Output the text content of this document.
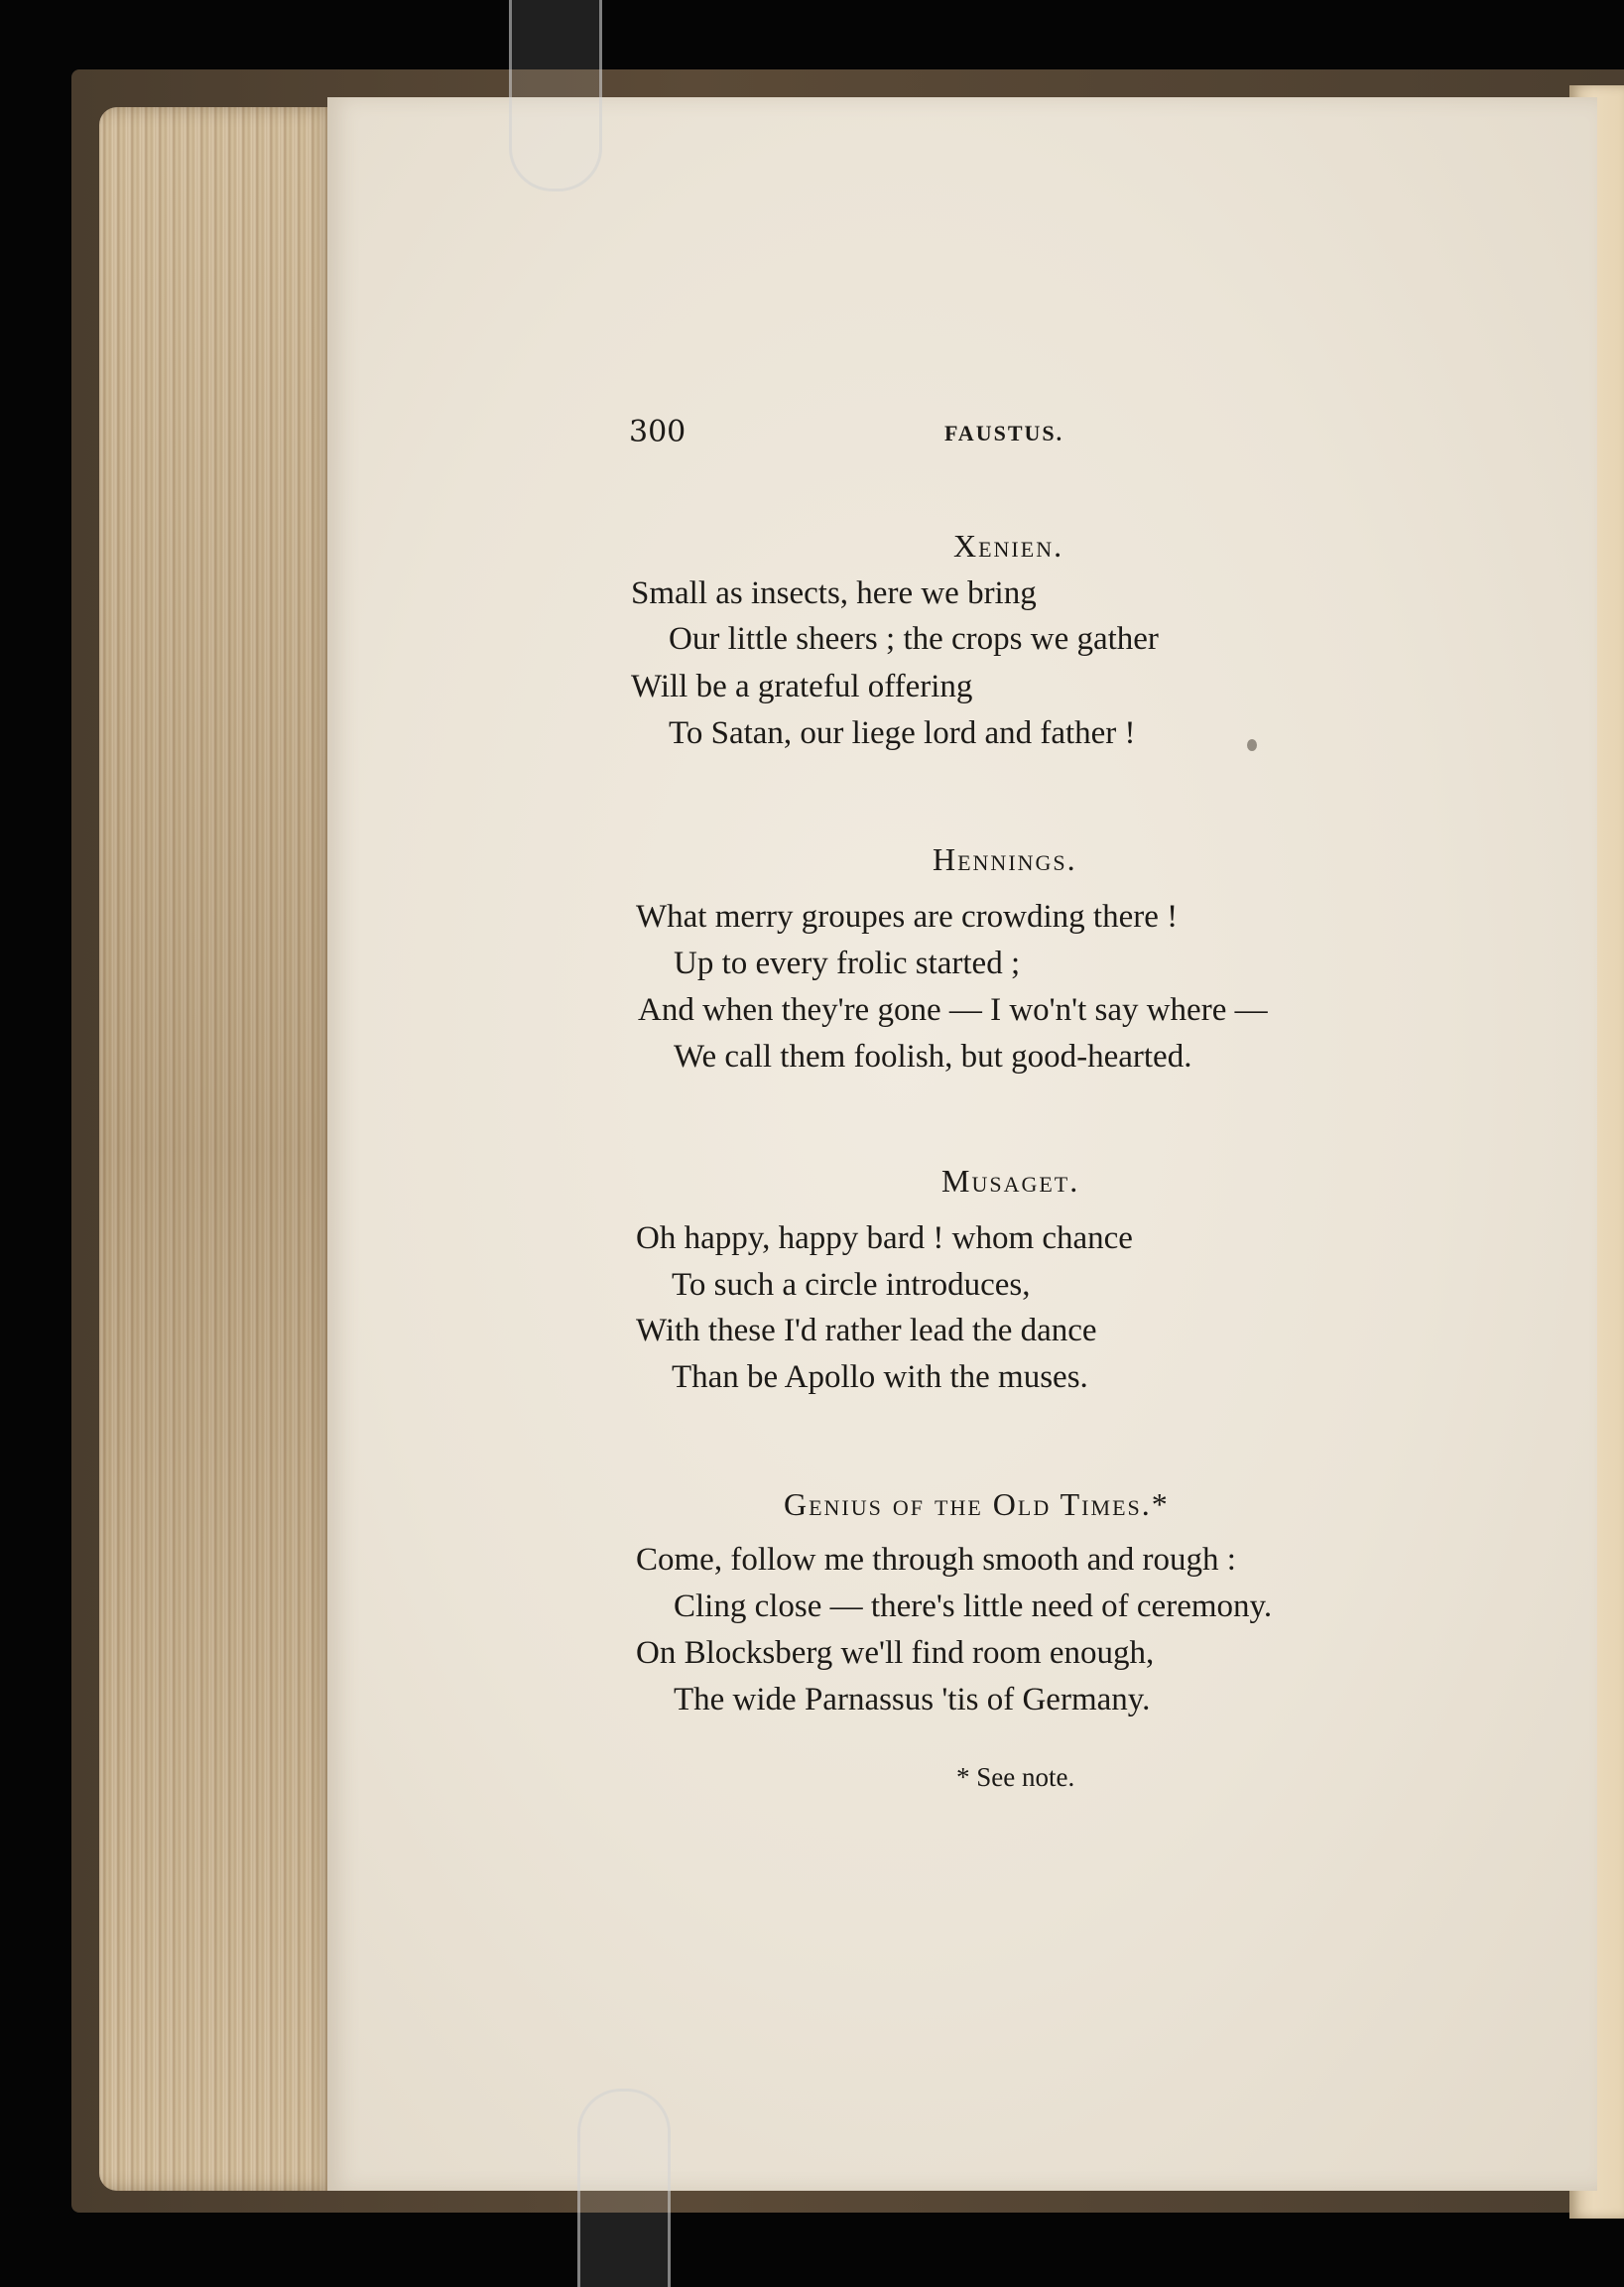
300	FAUSTUS.
Xenien.
Small as insects, here we bring
Our little sheers ; the crops we gather
Will be a grateful offering
To Satan, our liege lord and father !
Hennings.
What merry groupes are crowding there !
Up to every frolic started ;
And when they're gone — I wo'n't say where —
We call them foolish, but good-hearted.
Musaget.
Oh happy, happy bard ! whom chance
To such a circle introduces,
With these I'd rather lead the dance
Than be Apollo with the muses.
Genius of the Old Times.*
Come, follow me through smooth and rough :
Cling close — there's little need of ceremony.
On Blocksberg we'll find room enough,
The wide Parnassus 'tis of Germany.
* See note.
